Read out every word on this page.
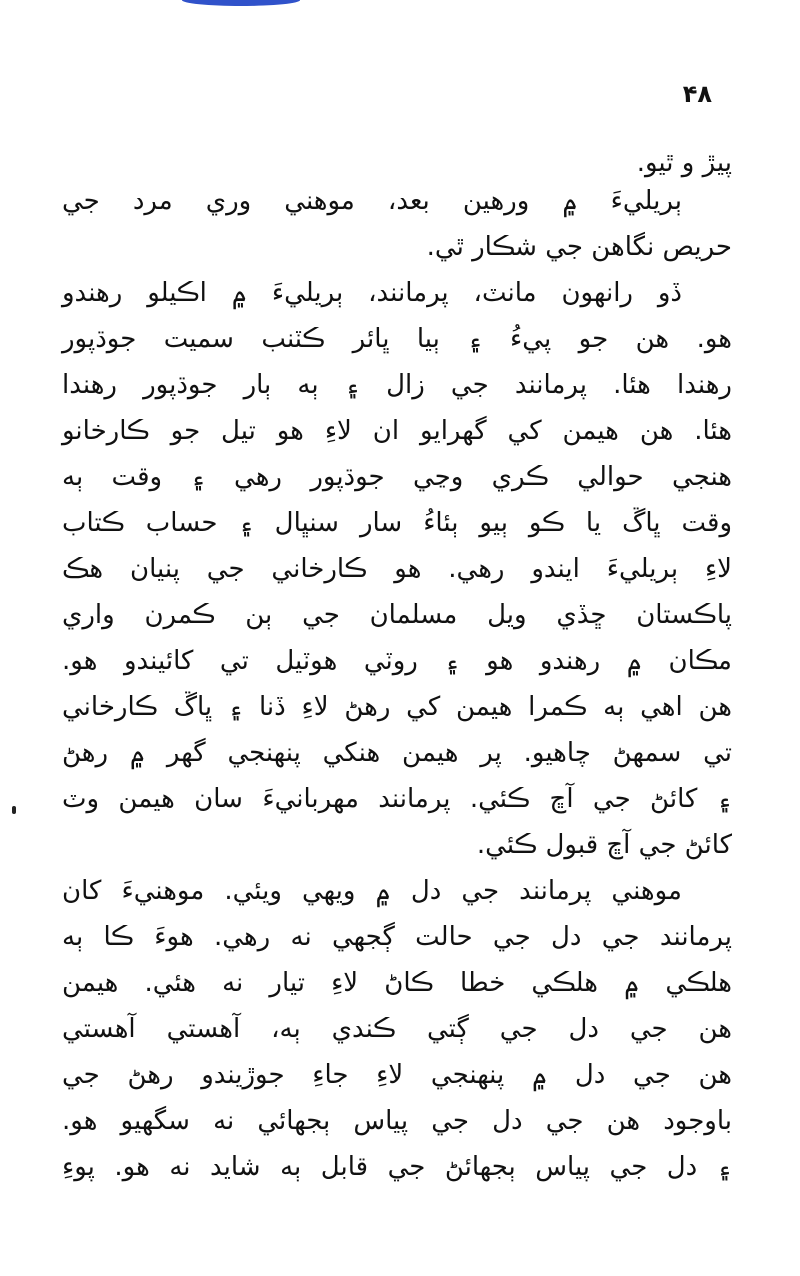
۴۸
پيڙ و ٿيو.
ٻريليءَ ۾ ورهين بعد، موهني وري مرد جي
حريص نگاهن جي شڪار ٿي.
ڏو رانهون مانٽ، پرمانند، ٻريليءَ ۾ اڪيلو رهندو
هو. هن جو پيءُ ۽ ٻيا ڀائر ڪٽنب سميت جوڌپور
رهندا هئا. پرمانند جي زال ۽ ٻه ٻار جوڌپور رهندا
هئا. هن هيمن کي گهرايو ان لاءِ هو تيل جو ڪارخانو
هنجي حوالي ڪري وڃي جوڌپور رهي ۽ وقت ٻه
وقت ڀاڱ يا ڪو ٻيو ٻئاءُ سار سنڀال ۽ حساب ڪتاب
لاءِ ٻريليءَ ايندو رهي. هو ڪارخاني جي پنيان هڪ
پاڪستان ڇڏي ويل مسلمان جي ٻن ڪمرن واري
مڪان ۾ رهندو هو ۽ روٽي هوٽيل تي کائيندو هو.
هن اهي ٻه ڪمرا هيمن کي رهڻ لاءِ ڏنا ۽ ڀاڱ ڪارخاني
تي سمهڻ چاهيو. پر هيمن هنکي پنهنجي گهر ۾ رهڻ
۽ کائڻ جي آڇ ڪئي. پرمانند مهربانيءَ سان هيمن وٽ
کائڻ جي آڇ قبول ڪئي.
موهني پرمانند جي دل ۾ ويهي ويئي. موهنيءَ کان
پرمانند جي دل جي حالت ڳجهي نه رهي. هوءَ ڪا ٻه
هلڪي ۾ هلڪي خطا ڪاڻ لاءِ تيار نه هئي. هيمن
هن جي دل جي ڳتي ڪندي ٻه، آهستي آهستي
هن جي دل ۾ پنهنجي لاءِ جاءِ جوڙيندو رهڻ جي
باوجود هن جي دل جي پياس ٻجهائي نه سگهيو هو.
۽ دل جي پياس ٻجهائڻ جي قابل ٻه شايد نه هو. پوءِ
